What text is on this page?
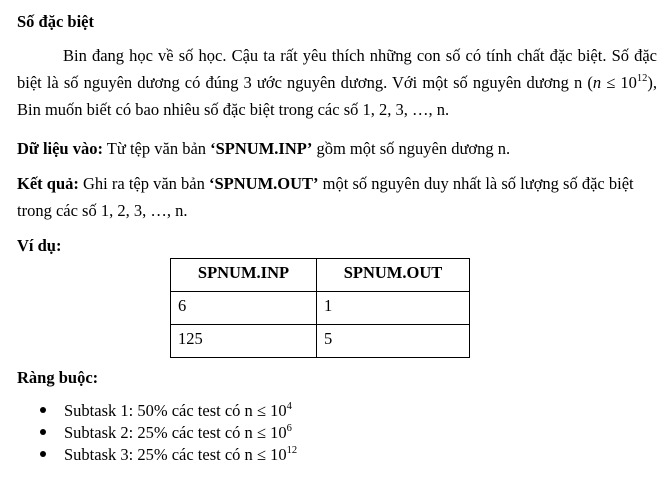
Số đặc biệt

Bin đang học về số học. Cậu ta rất yêu thích những con số có tính chất đặc biệt. Số đặc biệt là số nguyên dương có đúng 3 ước nguyên dương. Với một số nguyên dương n $(n \le 10^{12})$, Bin muốn biết có bao nhiêu số đặc biệt trong các số 1, 2, 3, …, n.

Dữ liệu vào: Từ tệp văn bản ‘SPNUM.INP’ gồm một số nguyên dương n.

Kết quả: Ghi ra tệp văn bản ‘SPNUM.OUT’ một số nguyên duy nhất là số lượng số đặc biệt trong các số 1, 2, 3, …, n.

Ví dụ:

SPNUM.INP	SPNUM.OUT
6	1
125	5
Ràng buộc:
Subtask 1: 50% các test có $n \le 10^4$
Subtask 2: 25% các test có $n \le 10^6$
Subtask 3: 25% các test có $n \le 10^{12}$
